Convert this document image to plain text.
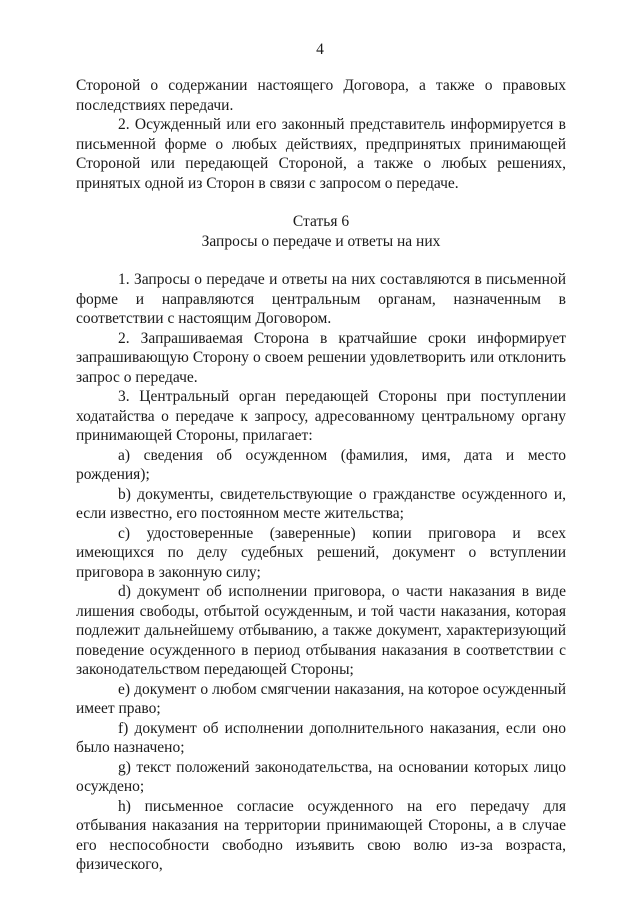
4

Стороной о содержании настоящего Договора, а также о правовых последствиях передачи.

2. Осужденный или его законный представитель информируется в письменной форме о любых действиях, предпринятых принимающей Стороной или передающей Стороной, а также о любых решениях, принятых одной из Сторон в связи с запросом о передаче.

Статья 6
Запросы о передаче и ответы на них

1. Запросы о передаче и ответы на них составляются в письменной форме и направляются центральным органам, назначенным в соответствии с настоящим Договором.

2. Запрашиваемая Сторона в кратчайшие сроки информирует запрашивающую Сторону о своем решении удовлетворить или отклонить запрос о передаче.

3. Центральный орган передающей Стороны при поступлении ходатайства о передаче к запросу, адресованному центральному органу принимающей Стороны, прилагает:

а) сведения об осужденном (фамилия, имя, дата и место рождения);

b) документы, свидетельствующие о гражданстве осужденного и, если известно, его постоянном месте жительства;

с) удостоверенные (заверенные) копии приговора и всех имеющихся по делу судебных решений, документ о вступлении приговора в законную силу;

d) документ об исполнении приговора, о части наказания в виде лишения свободы, отбытой осужденным, и той части наказания, которая подлежит дальнейшему отбыванию, а также документ, характеризующий поведение осужденного в период отбывания наказания в соответствии с законодательством передающей Стороны;

е) документ о любом смягчении наказания, на которое осужденный имеет право;

f) документ об исполнении дополнительного наказания, если оно было назначено;

g) текст положений законодательства, на основании которых лицо осуждено;

h) письменное согласие осужденного на его передачу для отбывания наказания на территории принимающей Стороны, а в случае его неспособности свободно изъявить свою волю из-за возраста, физического,
